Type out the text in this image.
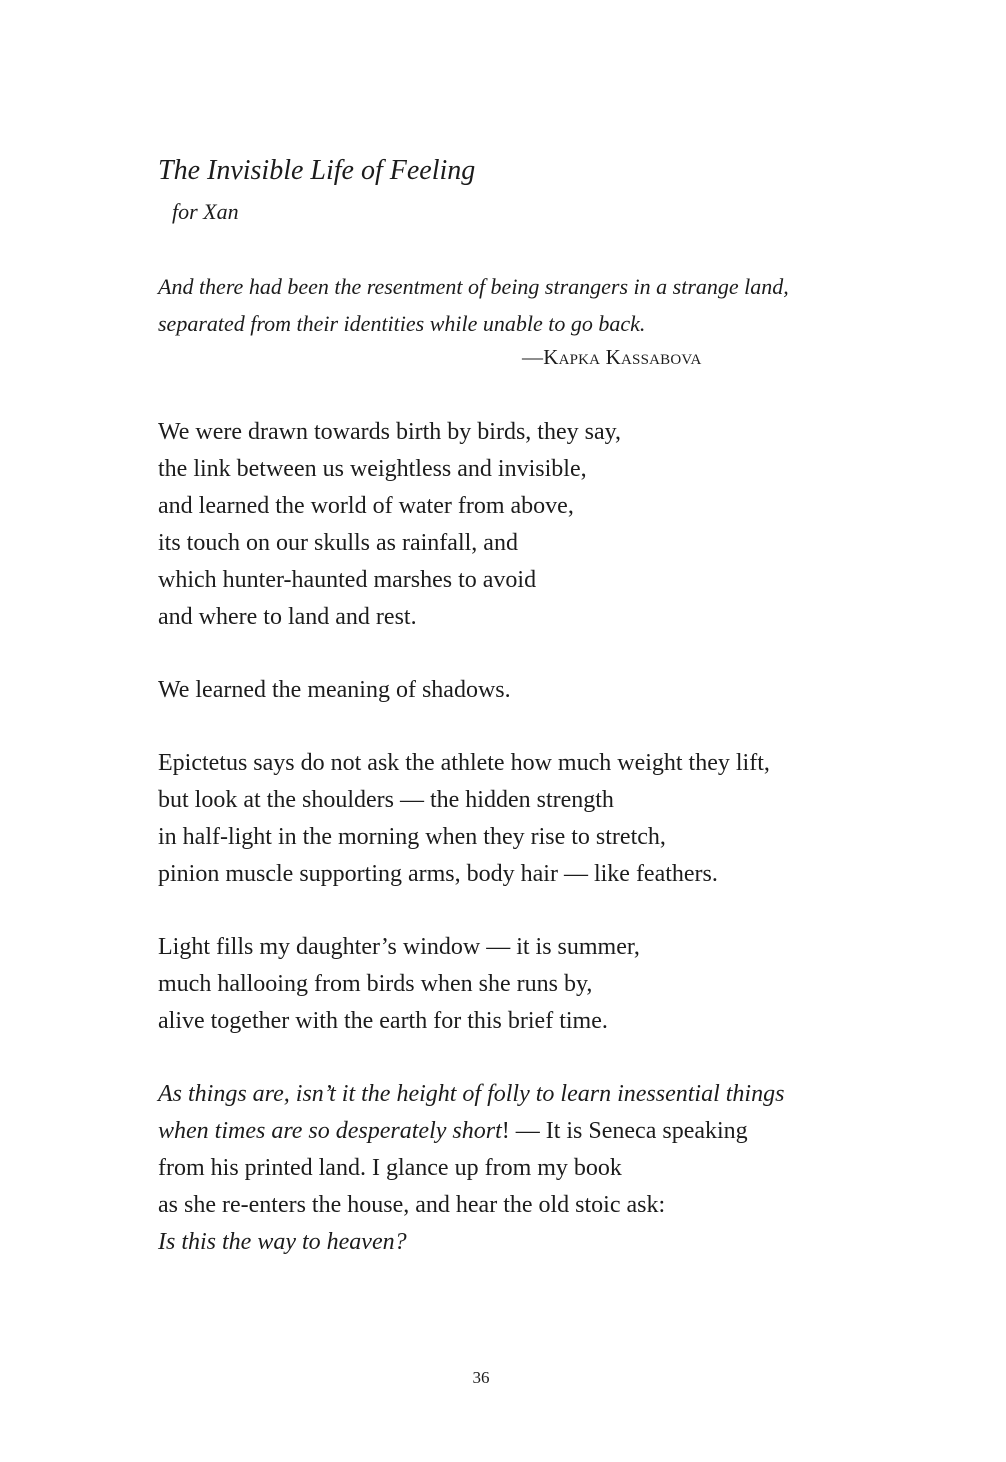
The Invisible Life of Feeling
for Xan
And there had been the resentment of being strangers in a strange land,
separated from their identities while unable to go back.
—Kapka Kassabova
We were drawn towards birth by birds, they say,
the link between us weightless and invisible,
and learned the world of water from above,
its touch on our skulls as rainfall, and
which hunter-haunted marshes to avoid
and where to land and rest.
We learned the meaning of shadows.
Epictetus says do not ask the athlete how much weight they lift,
but look at the shoulders — the hidden strength
in half-light in the morning when they rise to stretch,
pinion muscle supporting arms, body hair — like feathers.
Light fills my daughter’s window — it is summer,
much hallooing from birds when she runs by,
alive together with the earth for this brief time.
As things are, isn’t it the height of folly to learn inessential things
when times are so desperately short! — It is Seneca speaking
from his printed land. I glance up from my book
as she re-enters the house, and hear the old stoic ask:
Is this the way to heaven?
36
